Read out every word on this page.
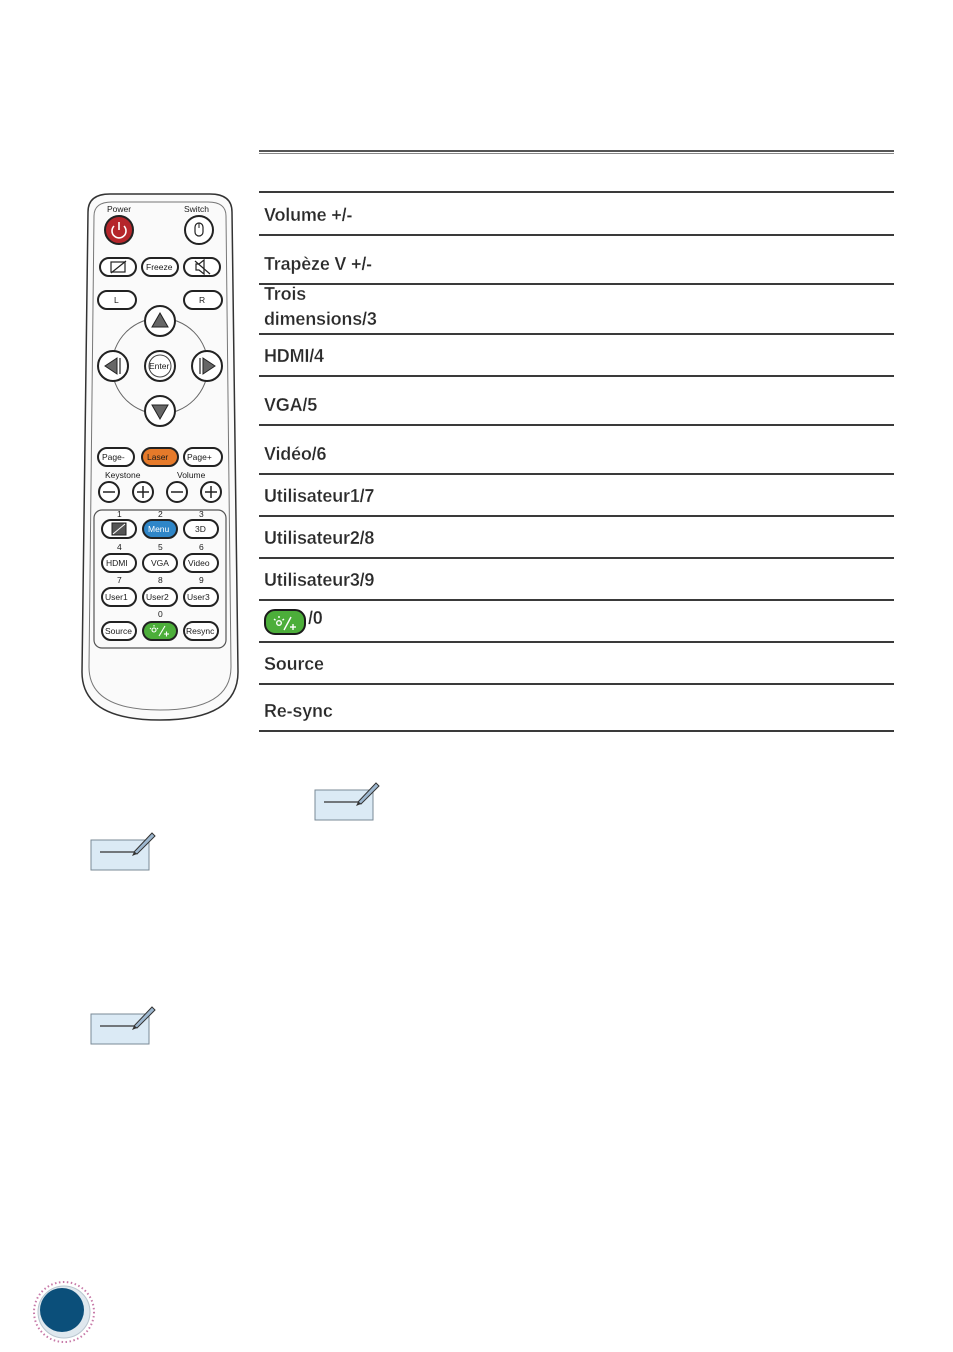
Power	Switch
Freeze
L	R
Enter
Page-	Laser Page+
Keystone	Volume
1	2	3
Menu	3D
4	5	6
HDMI	VGA Video
7	8	9
User1 User2 User3
0
Source	Resync
Volume +/-
Trapèze V +/-
Trois
dimensions/3
HDMI/4
VGA/5
Vidéo/6
Utilisateur1/7
Utilisateur2/8
Utilisateur3/9
/0
Source
Re-sync
